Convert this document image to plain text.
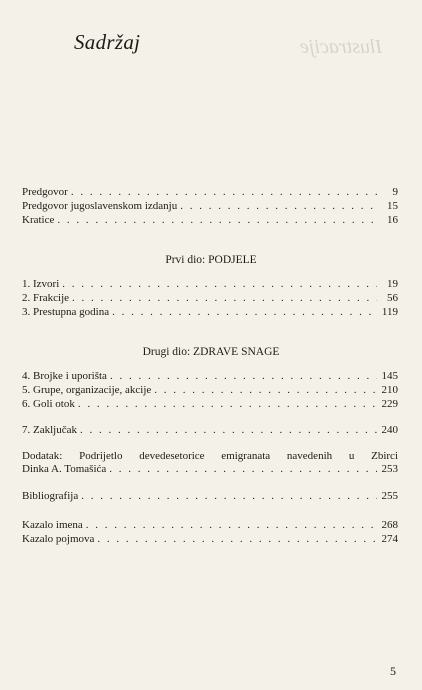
Ilustracije
Sadržaj
Predgovor . . .	9
Predgovor jugoslavenskom izdanju . . .	15
Kratice . . .	16
Prvi dio: PODJELE
1. Izvori . . .	19
2. Frakcije . . .	56
3. Prestupna godina . . .	119
Drugi dio: ZDRAVE SNAGE
4. Brojke i uporišta . . .	145
5. Grupe, organizacije, akcije . . .	210
6. Goli otok . . .	229
7. Zaključak . . .	240
Dodatak: Podrijetlo devedesetorice emigranata navedenih u Zbirci
Dinka A. Tomašića . . .	253
Bibliografija . . .	255
Kazalo imena . . .	268
Kazalo pojmova . . .	274
5
